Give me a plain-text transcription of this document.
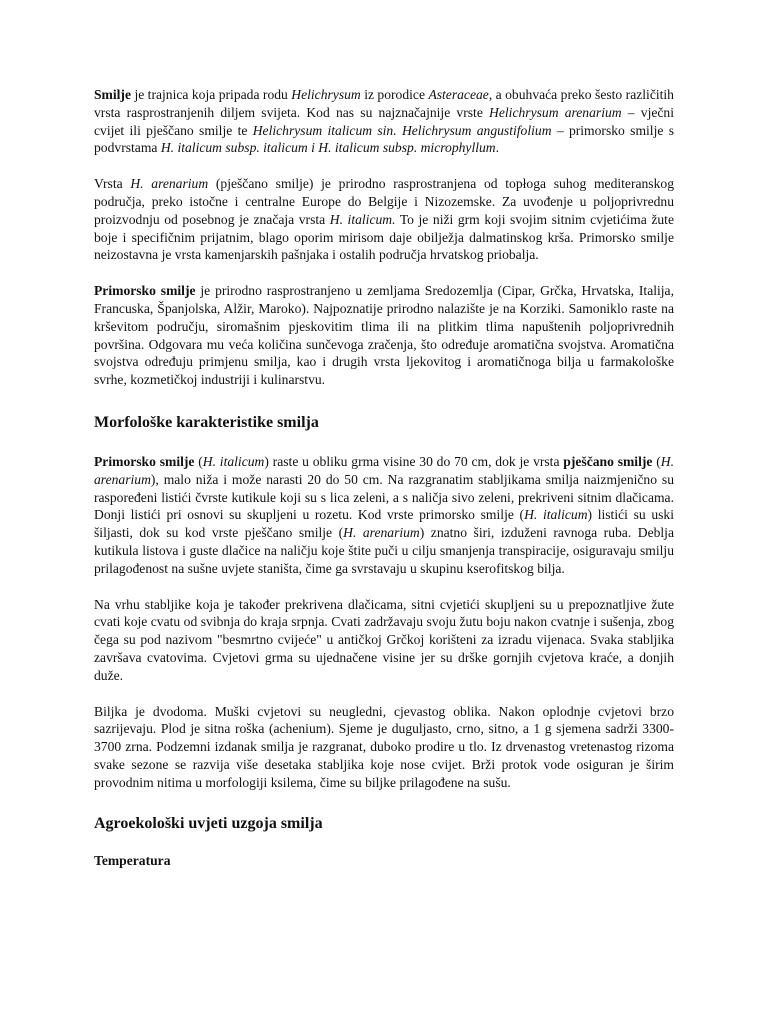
Smilje je trajnica koja pripada rodu Helichrysum iz porodice Asteraceae, a obuhvaća preko šesto različitih vrsta rasprostranjenih diljem svijeta. Kod nas su najznačajnije vrste Helichrysum arenarium – vječni cvijet ili pješčano smilje te Helichrysum italicum sin. Helichrysum angustifolium – primorsko smilje s podvrstama H. italicum subsp. italicum i H. italicum subsp. microphyllum.

Vrsta H. arenarium (pješčano smilje) je prirodno rasprostranjena od topłoga suhog mediteranskog područja, preko istočne i centralne Europe do Belgije i Nizozemske. Za uvođenje u poljoprivrednu proizvodnju od posebnog je značaja vrsta H. italicum. To je niži grm koji svojim sitnim cvjetićima žute boje i specifičnim prijatnim, blago oporim mirisom daje obilježja dalmatinskog krša. Primorsko smilje neizostavna je vrsta kamenjarskih pašnjaka i ostalih područja hrvatskog priobalja.

Primorsko smilje je prirodno rasprostranjeno u zemljama Sredozemlja (Cipar, Grčka, Hrvatska, Italija, Francuska, Španjolska, Alžir, Maroko). Najpoznatije prirodno nalazište je na Korziki. Samoniklo raste na krševitom području, siromašnim pjeskovitim tlima ili na plitkim tlima napuštenih poljoprivrednih površina. Odgovara mu veća količina sunčevoga zračenja, što određuje aromatična svojstva. Aromatična svojstva određuju primjenu smilja, kao i drugih vrsta ljekovitog i aromatičnoga bilja u farmakološke svrhe, kozmetičkoj industriji i kulinarstvu.

Morfološke karakteristike smilja

Primorsko smilje (H. italicum) raste u obliku grma visine 30 do 70 cm, dok je vrsta pješčano smilje (H. arenarium), malo niža i može narasti 20 do 50 cm. Na razgranatim stabljikama smilja naizmjenično su raspoređeni listići čvrste kutikule koji su s lica zeleni, a s naličja sivo zeleni, prekriveni sitnim dlačicama. Donji listići pri osnovi su skupljeni u rozetu. Kod vrste primorsko smilje (H. italicum) listići su uski šiljasti, dok su kod vrste pješčano smilje (H. arenarium) znatno širi, izduženi ravnoga ruba. Deblja kutikula listova i guste dlačice na naličju koje štite puči u cilju smanjenja transpiracije, osiguravaju smilju prilagođenost na sušne uvjete staništa, čime ga svrstavaju u skupinu kserofitskog bilja.

Na vrhu stabljike koja je također prekrivena dlačicama, sitni cvjetići skupljeni su u prepoznatljive žute cvati koje cvatu od svibnja do kraja srpnja. Cvati zadržavaju svoju žutu boju nakon cvatnje i sušenja, zbog čega su pod nazivom "besmrtno cvijeće" u antičkoj Grčkoj korišteni za izradu vijenaca. Svaka stabljika završava cvatovima. Cvjetovi grma su ujednačene visine jer su drške gornjih cvjetova kraće, a donjih duže.

Biljka je dvodoma. Muški cvjetovi su neugledni, cjevastog oblika. Nakon oplodnje cvjetovi brzo sazrijevaju. Plod je sitna roška (achenium). Sjeme je duguljasto, crno, sitno, a 1 g sjemena sadrži 3300-3700 zrna. Podzemni izdanak smilja je razgranat, duboko prodire u tlo. Iz drvenastog vretenastog rizoma svake sezone se razvija više desetaka stabljika koje nose cvijet. Brži protok vode osiguran je širim provodnim nitima u morfologiji ksilema, čime su biljke prilagođene na sušu.

Agroekološki uvjeti uzgoja smilja
Temperatura
